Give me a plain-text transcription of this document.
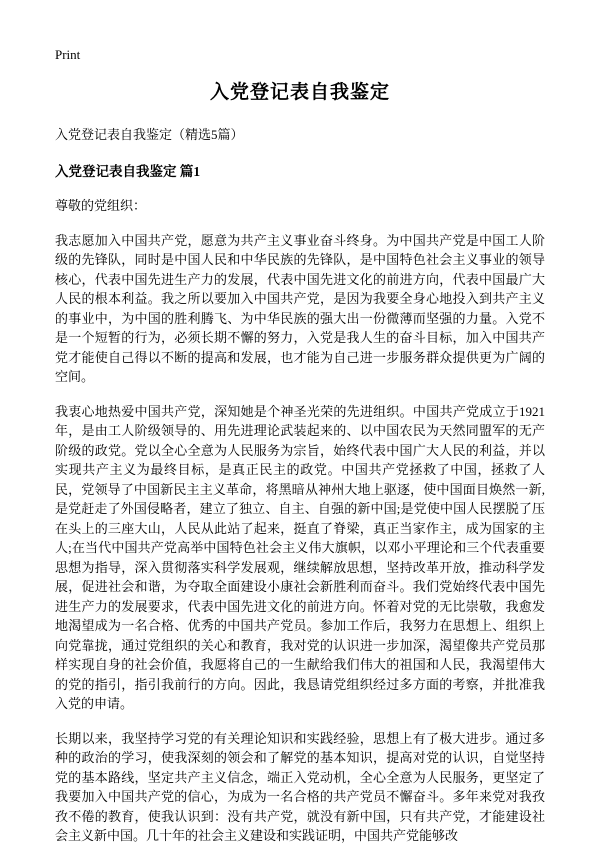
Print
入党登记表自我鉴定
入党登记表自我鉴定（精选5篇）
入党登记表自我鉴定 篇1
尊敬的党组织：

我志愿加入中国共产党，愿意为共产主义事业奋斗终身。为中国共产党是中国工人阶级的先锋队，同时是中国人民和中华民族的先锋队，是中国特色社会主义事业的领导核心，代表中国先进生产力的发展，代表中国先进文化的前进方向，代表中国最广大人民的根本利益。我之所以要加入中国共产党，是因为我要全身心地投入到共产主义的事业中，为中国的胜利腾飞、为中华民族的强大出一份微薄而坚强的力量。入党不是一个短暂的行为，必须长期不懈的努力，入党是我人生的奋斗目标，加入中国共产党才能使自己得以不断的提高和发展，也才能为自己进一步服务群众提供更为广阔的空间。

我衷心地热爱中国共产党，深知她是个神圣光荣的先进组织。中国共产党成立于1921年，是由工人阶级领导的、用先进理论武装起来的、以中国农民为天然同盟军的无产阶级的政党。党以全心全意为人民服务为宗旨，始终代表中国广大人民的利益，并以实现共产主义为最终目标，是真正民主的政党。中国共产党拯救了中国，拯救了人民，党领导了中国新民主主义革命，将黑暗从神州大地上驱逐，使中国面目焕然一新,是党赶走了外国侵略者，建立了独立、自主、自强的新中国;是党使中国人民摆脱了压在头上的三座大山，人民从此站了起来，挺直了脊梁，真正当家作主，成为国家的主人;在当代中国共产党高举中国特色社会主义伟大旗帜，以邓小平理论和三个代表重要思想为指导，深入贯彻落实科学发展观，继续解放思想，坚持改革开放，推动科学发展，促进社会和谐，为夺取全面建设小康社会新胜利而奋斗。我们党始终代表中国先进生产力的发展要求，代表中国先进文化的前进方向。怀着对党的无比崇敬，我愈发地渴望成为一名合格、优秀的中国共产党员。参加工作后，我努力在思想上、组织上向党靠拢，通过党组织的关心和教育，我对党的认识进一步加深，渴望像共产党员那样实现自身的社会价值，我愿将自己的一生献给我们伟大的祖国和人民，我渴望伟大的党的指引，指引我前行的方向。因此，我恳请党组织经过多方面的考察，并批准我入党的申请。

长期以来，我坚持学习党的有关理论知识和实践经验，思想上有了极大进步。通过多种的政治的学习，使我深刻的领会和了解党的基本知识，提高对党的认识，自觉坚持党的基本路线，坚定共产主义信念，端正入党动机，全心全意为人民服务，更坚定了我要加入中国共产党的信心，为成为一名合格的共产党员不懈奋斗。多年来党对我孜孜不倦的教育，使我认识到：没有共产党，就没有新中国，只有共产党，才能建设社会主义新中国。几十年的社会主义建设和实践证明，中国共产党能够改
